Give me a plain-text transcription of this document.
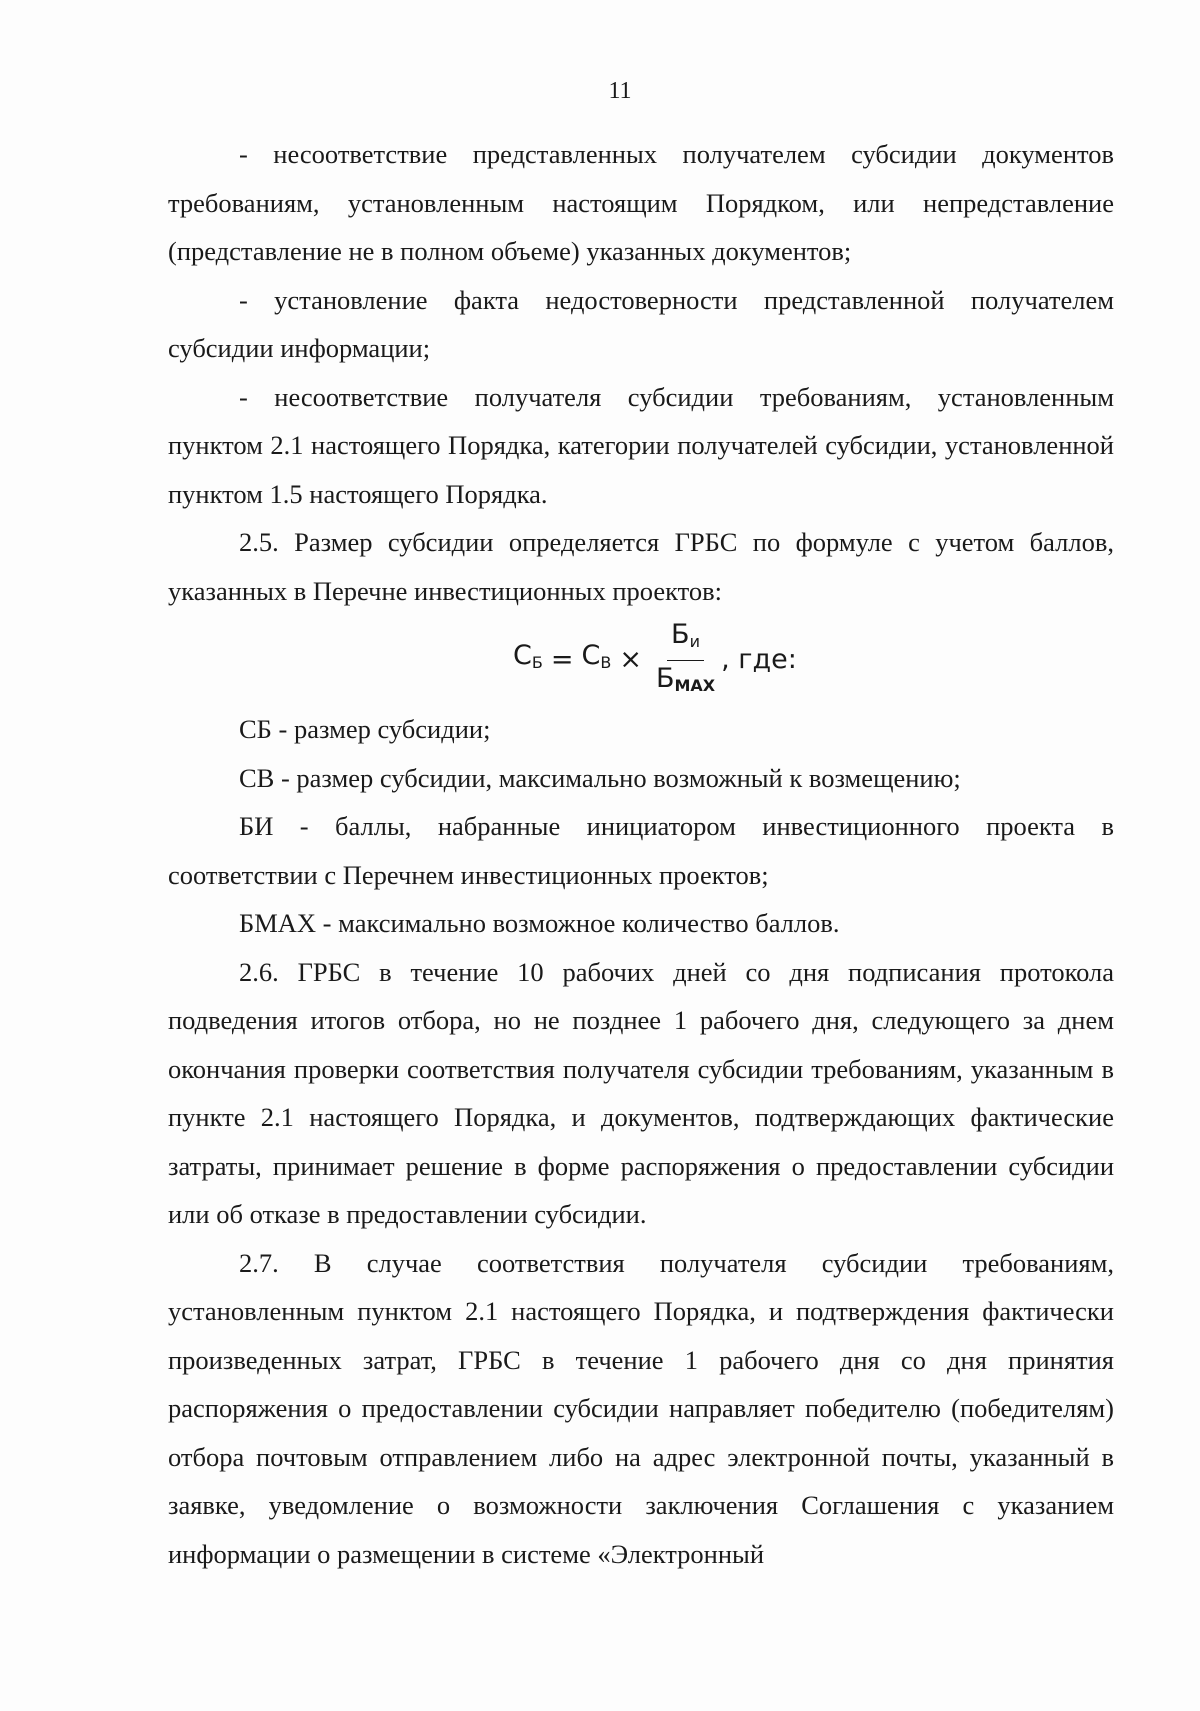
11

- несоответствие представленных получателем субсидии документов требованиям, установленным настоящим Порядком, или непредставление (представление не в полном объеме) указанных документов;

- установление факта недостоверности представленной получателем субсидии информации;

- несоответствие получателя субсидии требованиям, установленным пунктом 2.1 настоящего Порядка, категории получателей субсидии, установленной пунктом 1.5 настоящего Порядка.

2.5. Размер субсидии определяется ГРБС по формуле с учетом баллов, указанных в Перечне инвестиционных проектов:

$С_Б = С_В \times \frac{Б_и}{Б_{MAX}}$ , где:

СБ - размер субсидии;

СВ - размер субсидии, максимально возможный к возмещению;

БИ - баллы, набранные инициатором инвестиционного проекта в соответствии с Перечнем инвестиционных проектов;

БМАХ - максимально возможное количество баллов.

2.6. ГРБС в течение 10 рабочих дней со дня подписания протокола подведения итогов отбора, но не позднее 1 рабочего дня, следующего за днем окончания проверки соответствия получателя субсидии требованиям, указанным в пункте 2.1 настоящего Порядка, и документов, подтверждающих фактические затраты, принимает решение в форме распоряжения о предоставлении субсидии или об отказе в предоставлении субсидии.

2.7. В случае соответствия получателя субсидии требованиям, установленным пунктом 2.1 настоящего Порядка, и подтверждения фактически произведенных затрат, ГРБС в течение 1 рабочего дня со дня принятия распоряжения о предоставлении субсидии направляет победителю (победителям) отбора почтовым отправлением либо на адрес электронной почты, указанный в заявке, уведомление о возможности заключения Соглашения с указанием информации о размещении в системе «Электронный
